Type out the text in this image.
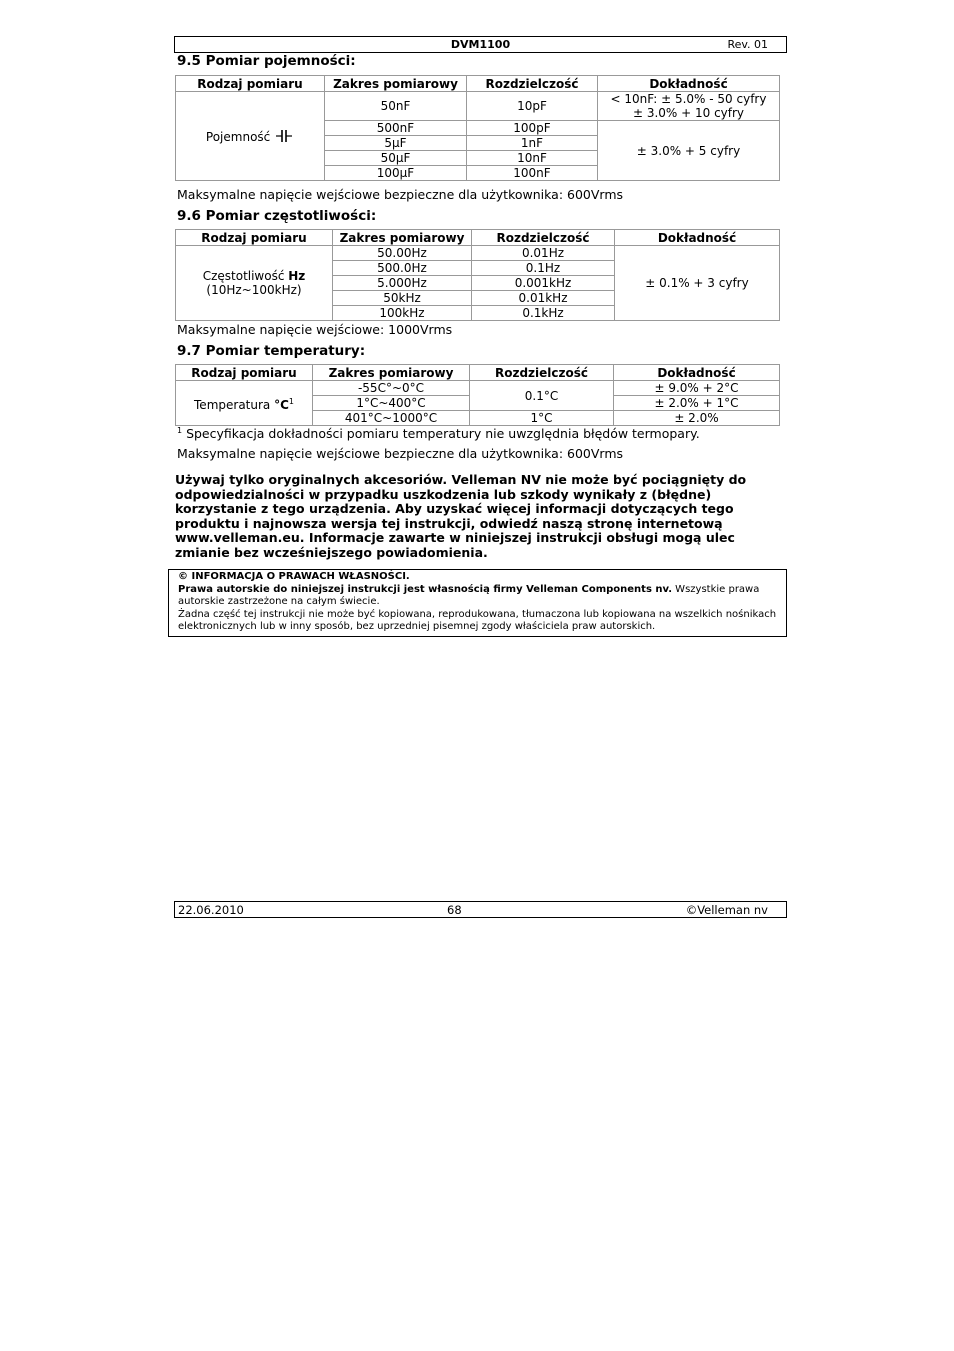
DVM1100	Rev. 01
9.5 Pomiar pojemności:
Rodzaj pomiaru	Zakres pomiarowy	Rozdzielczość	Dokładność
Pojemność	50nF	10pF	< 10nF: ± 5.0% - 50 cyfry
± 3.0% + 10 cyfry

	500nF	100pF	± 3.0% + 5 cyfry
	5µF	1nF	
	50µF	10nF	
	100µF	100nF	

Maksymalne napięcie wejściowe bezpieczne dla użytkownika: 600Vrms

9.6 Pomiar częstotliwości:
Rodzaj pomiaru	Zakres pomiarowy	Rozdzielczość	Dokładność

Częstotliwość Hz
(10Hz~100kHz)	50.00Hz	0.01Hz	± 0.1% + 3 cyfry
	500.0Hz	0.1Hz	
	5.000Hz	0.001kHz	
	50kHz	0.01kHz	
	100kHz	0.1kHz	

Maksymalne napięcie wejściowe: 1000Vrms

9.7 Pomiar temperatury:
Rodzaj pomiaru	Zakres pomiarowy	Rozdzielczość	Dokładność
Temperatura $^\circ C^1$	-55C°~0°C	0.1°C	± 9.0% + 2°C
	1°C~400°C		± 2.0% + 1°C
	401°C~1000°C	1°C	± 2.0%

$^1$ Specyfikacja dokładności pomiaru temperatury nie uwzględnia błędów termopary.

Maksymalne napięcie wejściowe bezpieczne dla użytkownika: 600Vrms

Używaj tylko oryginalnych akcesoriów. Velleman NV nie może być pociągnięty do odpowiedzialności w przypadku uszkodzenia lub szkody wynikały z (błędne) korzystanie z tego urządzenia. Aby uzyskać więcej informacji dotyczących tego produktu i najnowsza wersja tej instrukcji, odwiedź naszą stronę internetową www.velleman.eu. Informacje zawarte w niniejszej instrukcji obsługi mogą ulec zmianie bez wcześniejszego powiadomienia.
© INFORMACJA O PRAWACH WŁASNOŚCI.
Prawa autorskie do niniejszej instrukcji jest własnością firmy Velleman Components nv. Wszystkie prawa autorskie zastrzeżone na całym świecie.
Żadna część tej instrukcji nie może być kopiowana, reprodukowana, tłumaczona lub kopiowana na wszelkich nośnikach elektronicznych lub w inny sposób, bez uprzedniej pisemnej zgody właściciela praw autorskich.
22.06.2010	68	©Velleman nv
